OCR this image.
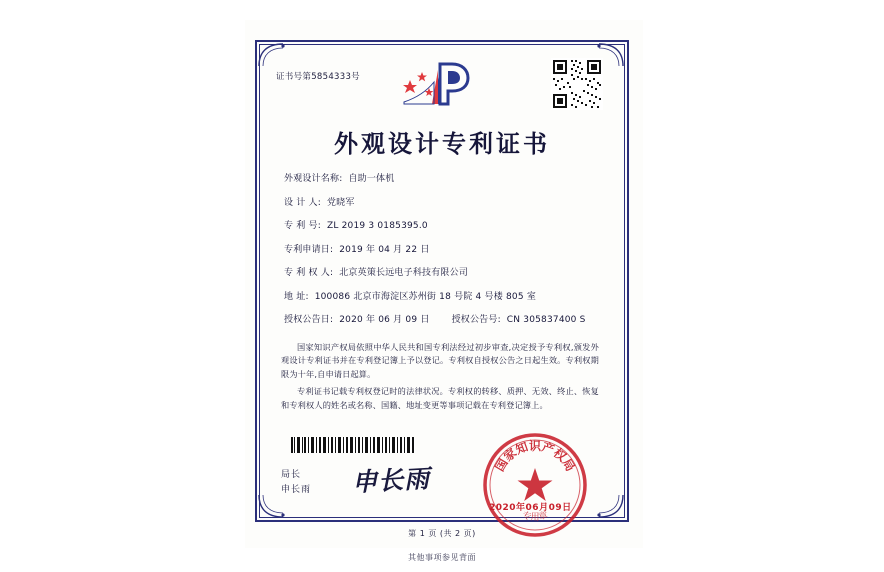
证书号第5854333号
外观设计专利证书
外观设计名称: 自助一体机
设 计 人: 党晓军
专 利 号: ZL 2019 3 0185395.0
专利申请日: 2019 年 04 月 22 日
专 利 权 人: 北京英策长远电子科技有限公司
地 址: 100086 北京市海淀区苏州街 18 号院 4 号楼 805 室
授权公告日: 2020 年 06 月 09 日 授权公告号: CN 305837400 S

国家知识产权局依照中华人民共和国专利法经过初步审查,决定授予专利权,颁发外观设计专利证书并在专利登记簿上予以登记。专利权自授权公告之日起生效。专利权期限为十年,自申请日起算。

专利证书记载专利权登记时的法律状况。专利权的转移、质押、无效、终止、恢复和专利权人的姓名或名称、国籍、地址变更等事项记载在专利登记簿上。

局长
申长雨 申长雨	国家知识产权局
专用章
2020年06月09日
第 1 页 (共 2 页)
其他事项参见背面
